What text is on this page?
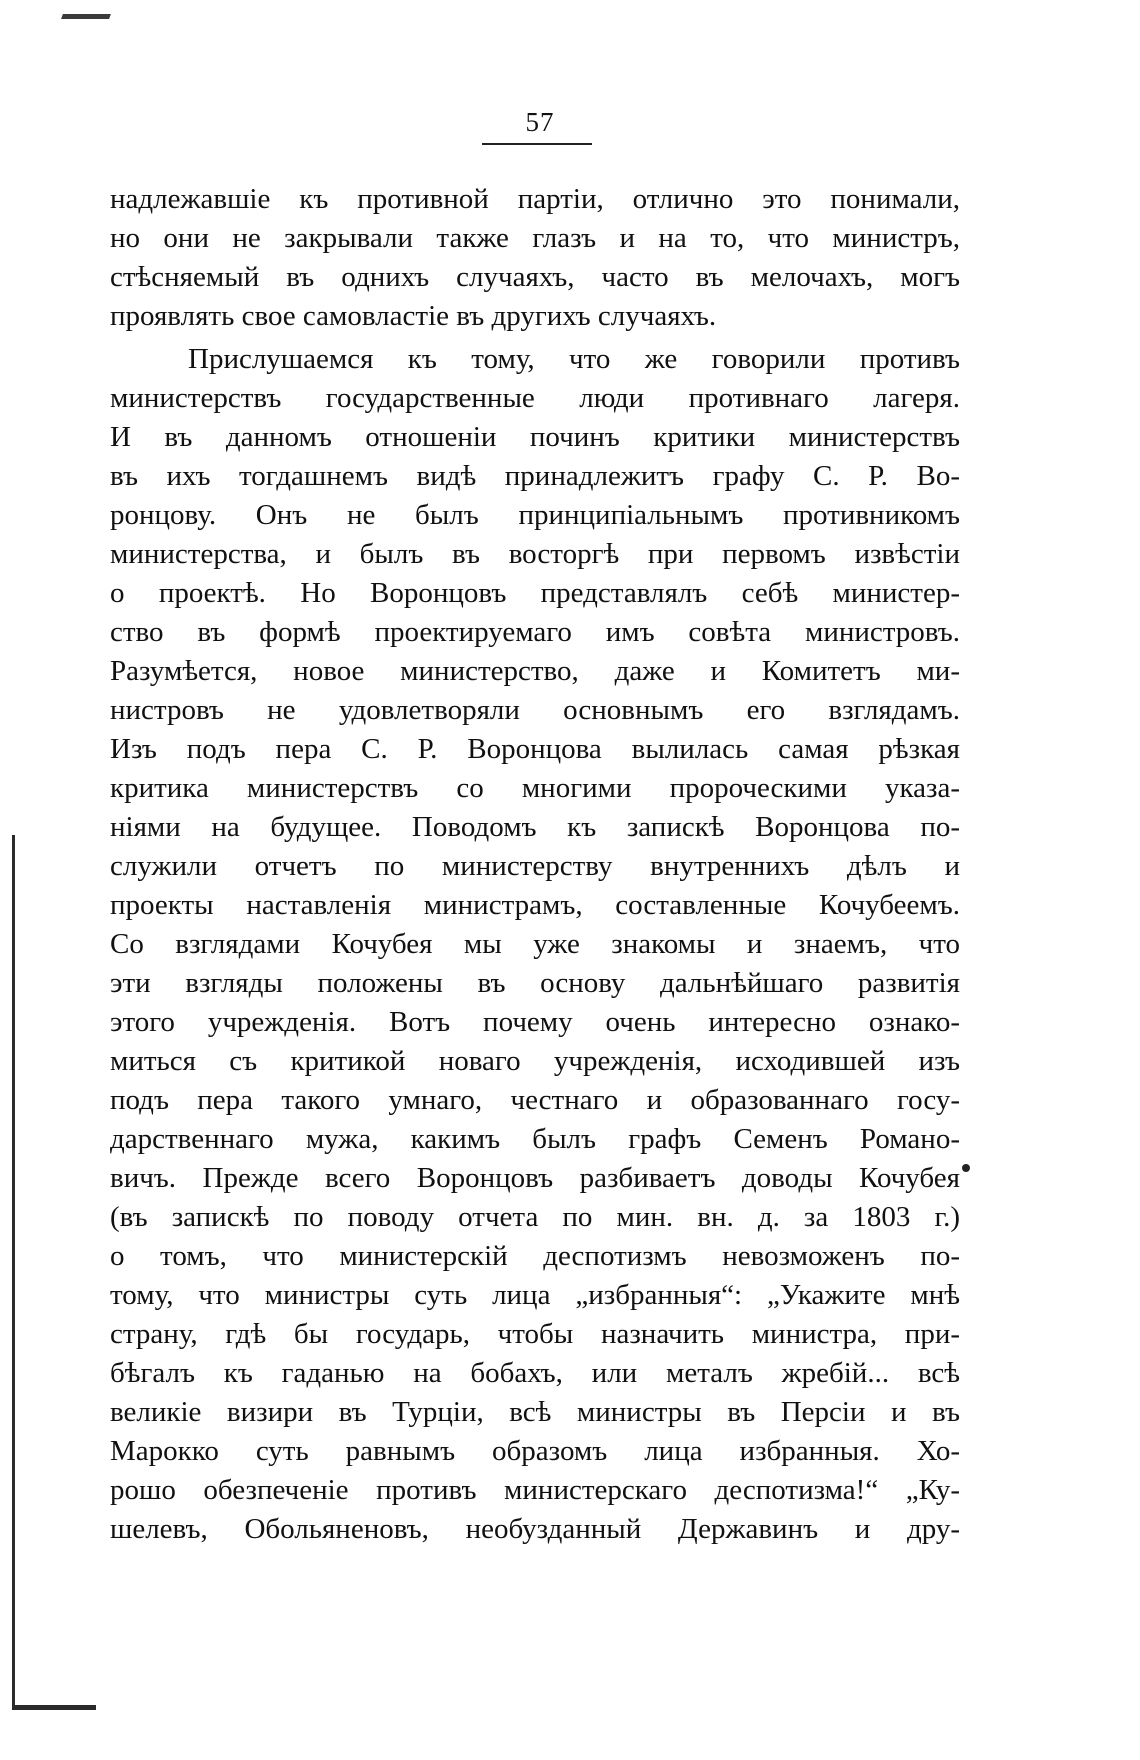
57
надлежавшіе къ противной партіи, отлично это понимали,
но они не закрывали также глазъ и на то, что министръ,
стѣсняемый въ однихъ случаяхъ, часто въ мелочахъ, могъ
проявлять свое самовластіе въ другихъ случаяхъ.
Прислушаемся къ тому, что же говорили противъ
министерствъ государственные люди противнаго лагеря.
И въ данномъ отношеніи починъ критики министерствъ
въ ихъ тогдашнемъ видѣ принадлежитъ графу С. Р. Во-
ронцову. Онъ не былъ принципіальнымъ противникомъ
министерства, и былъ въ восторгѣ при первомъ извѣстіи
о проектѣ. Но Воронцовъ представлялъ себѣ министер-
ство въ формѣ проектируемаго имъ совѣта министровъ.
Разумѣется, новое министерство, даже и Комитетъ ми-
нистровъ не удовлетворяли основнымъ его взглядамъ.
Изъ подъ пера С. Р. Воронцова вылилась самая рѣзкая
критика министерствъ со многими пророческими указа-
ніями на будущее. Поводомъ къ запискѣ Воронцова по-
служили отчетъ по министерству внутреннихъ дѣлъ и
проекты наставленія министрамъ, составленные Кочубеемъ.
Со взглядами Кочубея мы уже знакомы и знаемъ, что
эти взгляды положены въ основу дальнѣйшаго развитія
этого учрежденія. Вотъ почему очень интересно ознако-
миться съ критикой новаго учрежденія, исходившей изъ
подъ пера такого умнаго, честнаго и образованнаго госу-
дарственнаго мужа, какимъ былъ графъ Семенъ Романо-
вичъ. Прежде всего Воронцовъ разбиваетъ доводы Кочубея
(въ запискѣ по поводу отчета по мин. вн. д. за 1803 г.)
о томъ, что министерскій деспотизмъ невозможенъ по-
тому, что министры суть лица „избранныя“: „Укажите мнѣ
страну, гдѣ бы государь, чтобы назначить министра, при-
бѣгалъ къ гаданью на бобахъ, или металъ жребій... всѣ
великіе визири въ Турціи, всѣ министры въ Персіи и въ
Марокко суть равнымъ образомъ лица избранныя. Хо-
рошо обезпеченіе противъ министерскаго деспотизма!“ „Ку-
шелевъ, Обольяненовъ, необузданный Державинъ и дру-
